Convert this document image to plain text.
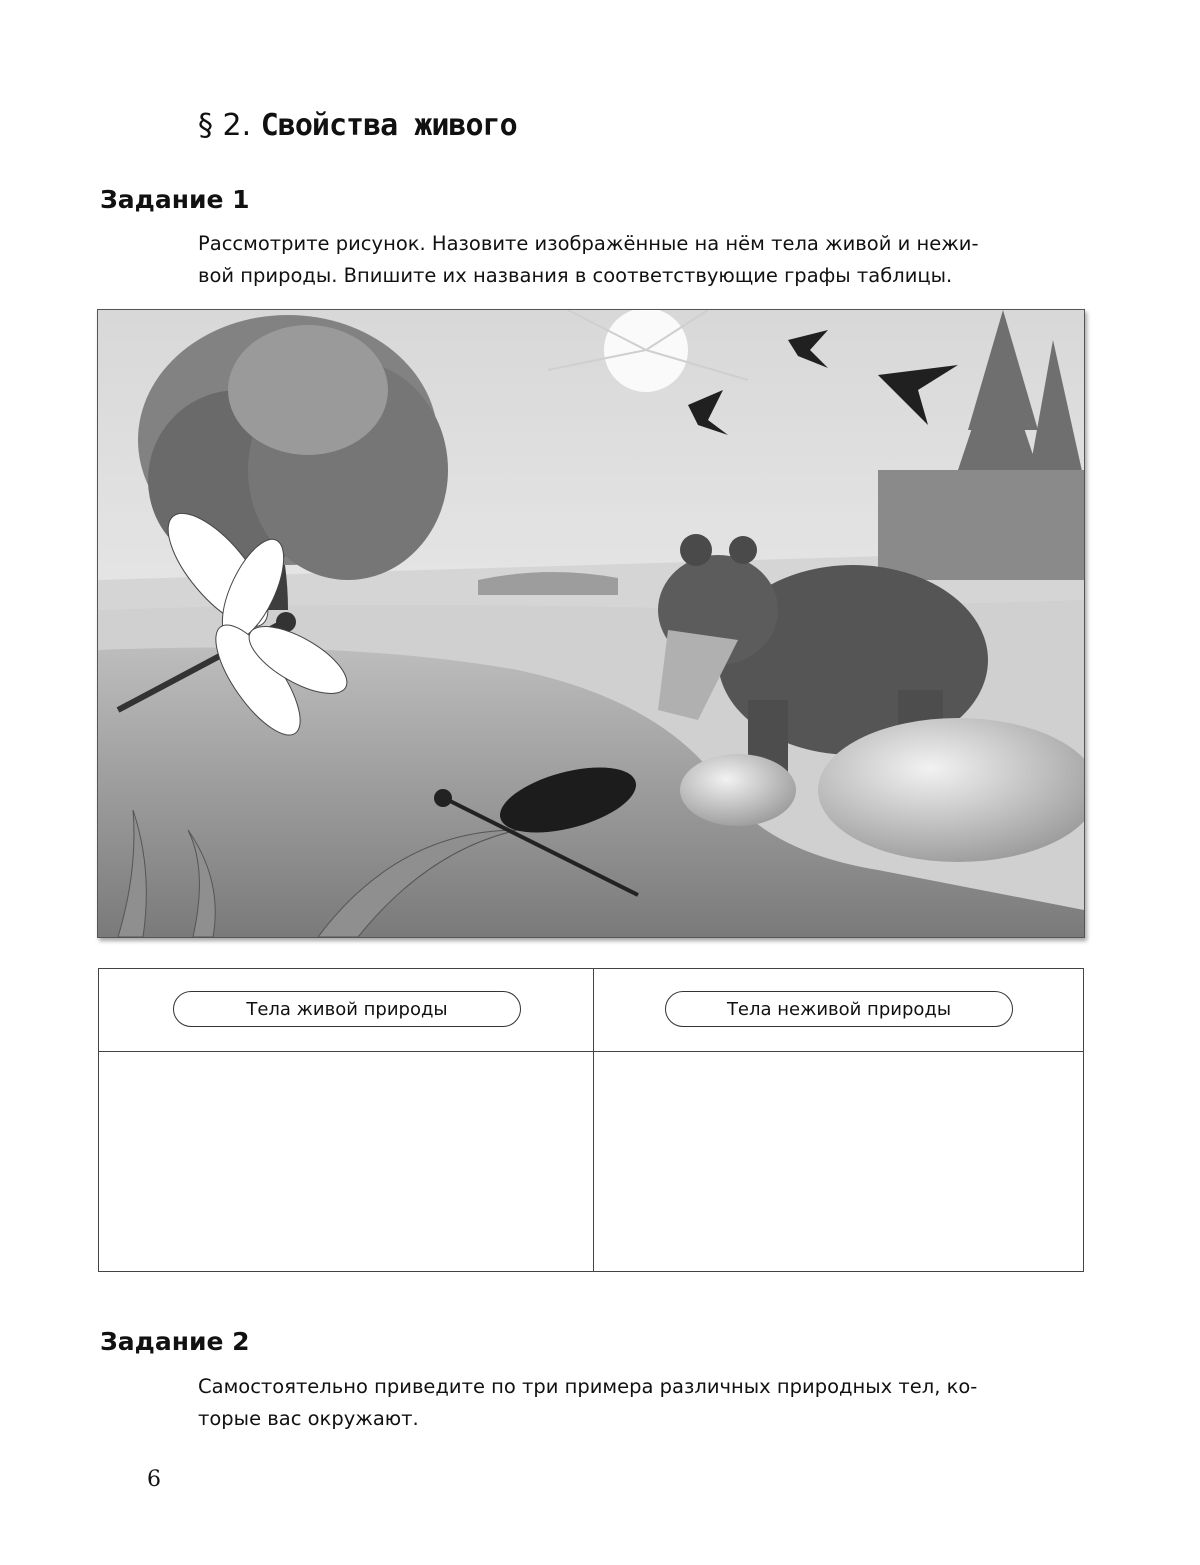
§ 2. Свойства живого
Задание 1
Рассмотрите рисунок. Назовите изображённые на нём тела живой и нежи-
вой природы. Впишите их названия в соответствующие графы таблицы.
Тела живой природы	Тела неживой природы
Задание 2
Самостоятельно приведите по три примера различных природных тел, ко-
торые вас окружают.
6
